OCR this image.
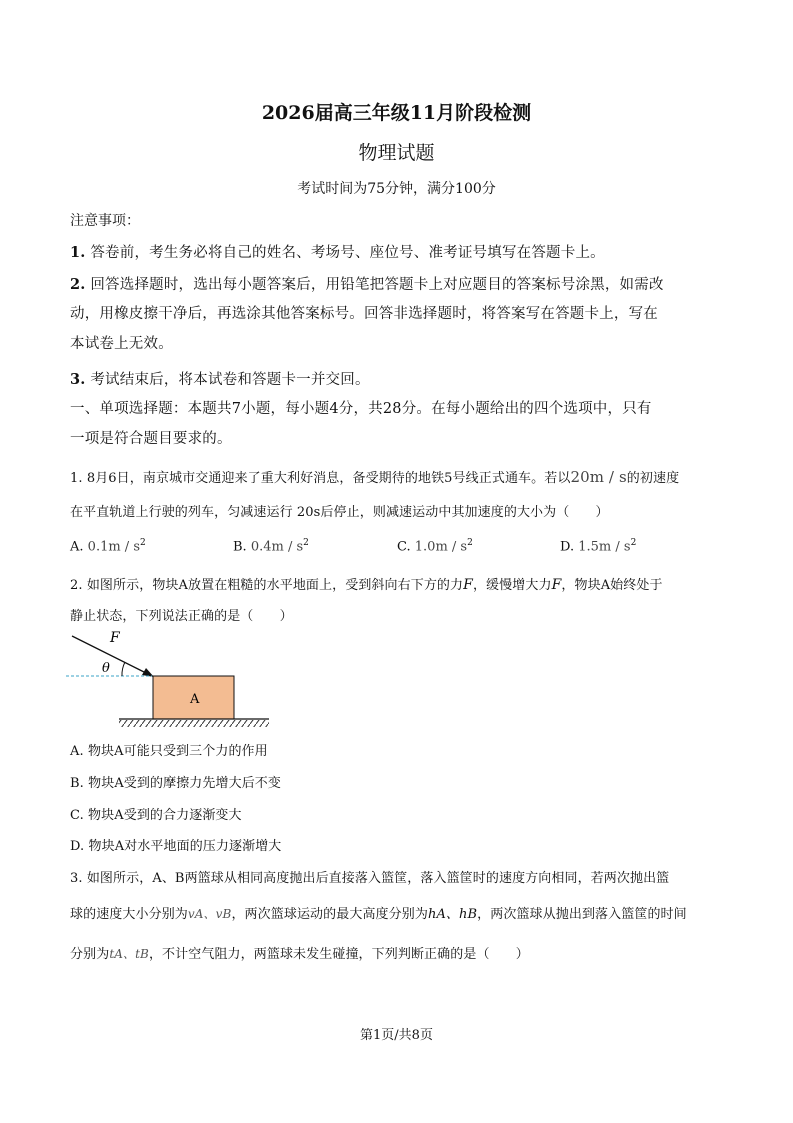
2026届高三年级11月阶段检测
物理试题
考试时间为75分钟，满分100分
注意事项：
1. 答卷前，考生务必将自己的姓名、考场号、座位号、准考证号填写在答题卡上。
2. 回答选择题时，选出每小题答案后，用铅笔把答题卡上对应题目的答案标号涂黑，如需改
动，用橡皮擦干净后，再选涂其他答案标号。回答非选择题时，将答案写在答题卡上，写在
本试卷上无效。
3. 考试结束后，将本试卷和答题卡一并交回。
一、单项选择题：本题共7小题，每小题4分，共28分。在每小题给出的四个选项中，只有
一项是符合题目要求的。
1. 8月6日，南京城市交通迎来了重大利好消息，备受期待的地铁5号线正式通车。若以20m / s的初速度
在平直轨道上行驶的列车，匀减速运行 20s后停止，则减速运动中其加速度的大小为（　　）
A. $0.1m / s^2$	B. $0.4m / s^2$	C. $1.0m / s^2$	D. $1.5m / s^2$
2. 如图所示，物块A放置在粗糙的水平地面上，受到斜向右下方的力F，缓慢增大力F，物块A始终处于
静止状态，下列说法正确的是（　　）
F
θ
A
A. 物块A可能只受到三个力的作用
B. 物块A受到的摩擦力先增大后不变
C. 物块A受到的合力逐渐变大
D. 物块A对水平地面的压力逐渐增大
3. 如图所示，A、B两篮球从相同高度抛出后直接落入篮筐，落入篮筐时的速度方向相同，若两次抛出篮
球的速度大小分别为vA、vB，两次篮球运动的最大高度分别为hA、hB，两次篮球从抛出到落入篮筐的时间
分别为tA、tB，不计空气阻力，两篮球未发生碰撞，下列判断正确的是（　　）
第1页/共8页
